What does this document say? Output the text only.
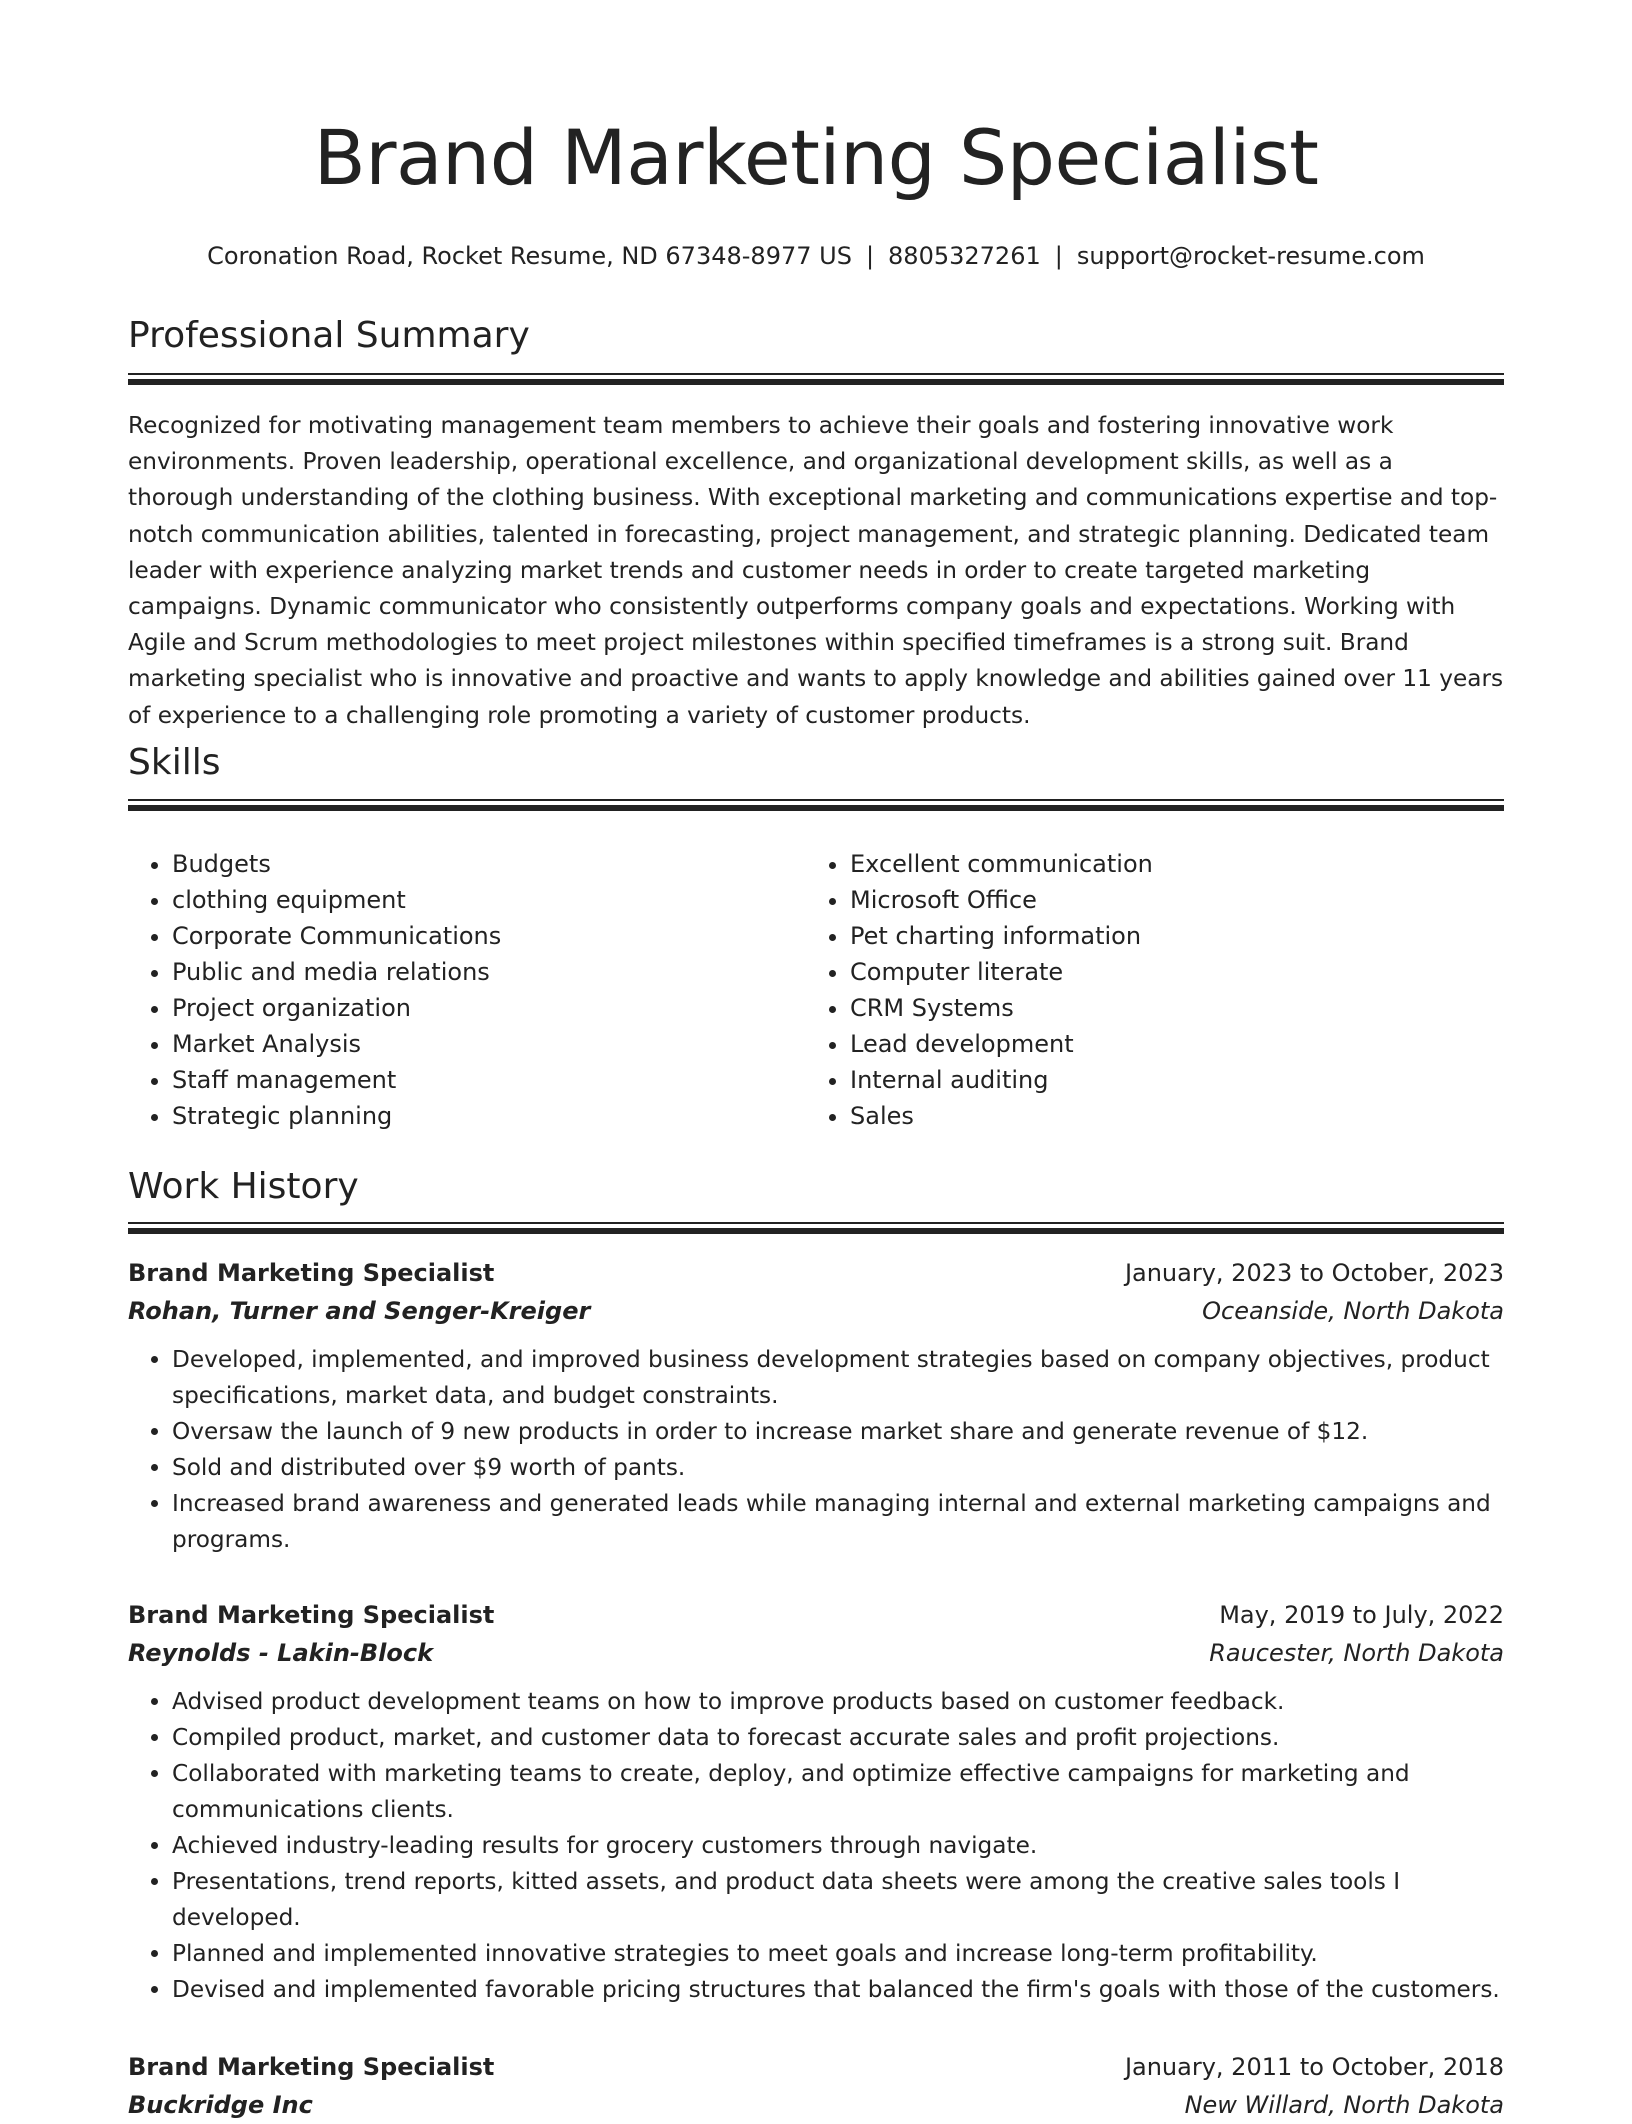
Brand Marketing Specialist
Coronation Road, Rocket Resume, ND 67348-8977 US | 8805327261 | support@rocket-resume.com
Professional Summary

Recognized for motivating management team members to achieve their goals and fostering innovative work environments. Proven leadership, operational excellence, and organizational development skills, as well as a thorough understanding of the clothing business. With exceptional marketing and communications expertise and top-notch communication abilities, talented in forecasting, project management, and strategic planning. Dedicated team leader with experience analyzing market trends and customer needs in order to create targeted marketing campaigns. Dynamic communicator who consistently outperforms company goals and expectations. Working with Agile and Scrum methodologies to meet project milestones within specified timeframes is a strong suit. Brand marketing specialist who is innovative and proactive and wants to apply knowledge and abilities gained over 11 years of experience to a challenging role promoting a variety of customer products.

Skills
• Budgets
• clothing equipment
• Corporate Communications
• Public and media relations
• Project organization
• Market Analysis
• Staff management
• Strategic planning
• Excellent communication
• Microsoft Office
• Pet charting information
• Computer literate
• CRM Systems
• Lead development
• Internal auditing
• Sales
Work History
Brand Marketing Specialist	January, 2023 to October, 2023
Rohan, Turner and Senger-Kreiger	Oceanside, North Dakota
• Developed, implemented, and improved business development strategies based on company objectives, product specifications, market data, and budget constraints.
• Oversaw the launch of 9 new products in order to increase market share and generate revenue of $12.
• Sold and distributed over $9 worth of pants.
• Increased brand awareness and generated leads while managing internal and external marketing campaigns and programs.
Brand Marketing Specialist	May, 2019 to July, 2022
Reynolds - Lakin-Block	Raucester, North Dakota
• Advised product development teams on how to improve products based on customer feedback.
• Compiled product, market, and customer data to forecast accurate sales and profit projections.
• Collaborated with marketing teams to create, deploy, and optimize effective campaigns for marketing and communications clients.
• Achieved industry-leading results for grocery customers through navigate.
• Presentations, trend reports, kitted assets, and product data sheets were among the creative sales tools I developed.
• Planned and implemented innovative strategies to meet goals and increase long-term profitability.
• Devised and implemented favorable pricing structures that balanced the firm's goals with those of the customers.
Brand Marketing Specialist	January, 2011 to October, 2018
Buckridge Inc	New Willard, North Dakota
